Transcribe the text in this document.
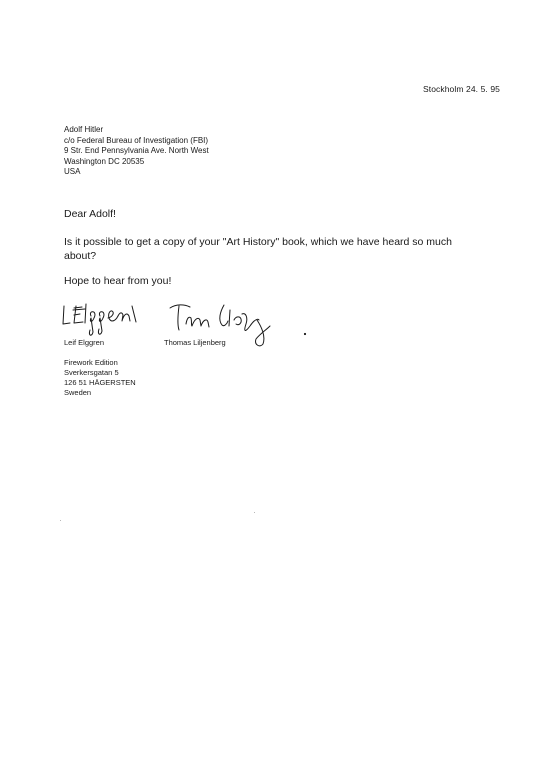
Stockholm 24. 5. 95
Adolf Hitler
c/o Federal Bureau of Investigation (FBI)
9 Str. End Pennsylvania Ave. North West
Washington DC 20535
USA
Dear Adolf!
Is it possible to get a copy of your "Art History" book, which we have heard so much about?
Hope to hear from you!
Leif Elggren	Thomas Liljenberg
Firework Edition
Sverkersgatan 5
126 51 HÄGERSTEN
Sweden
